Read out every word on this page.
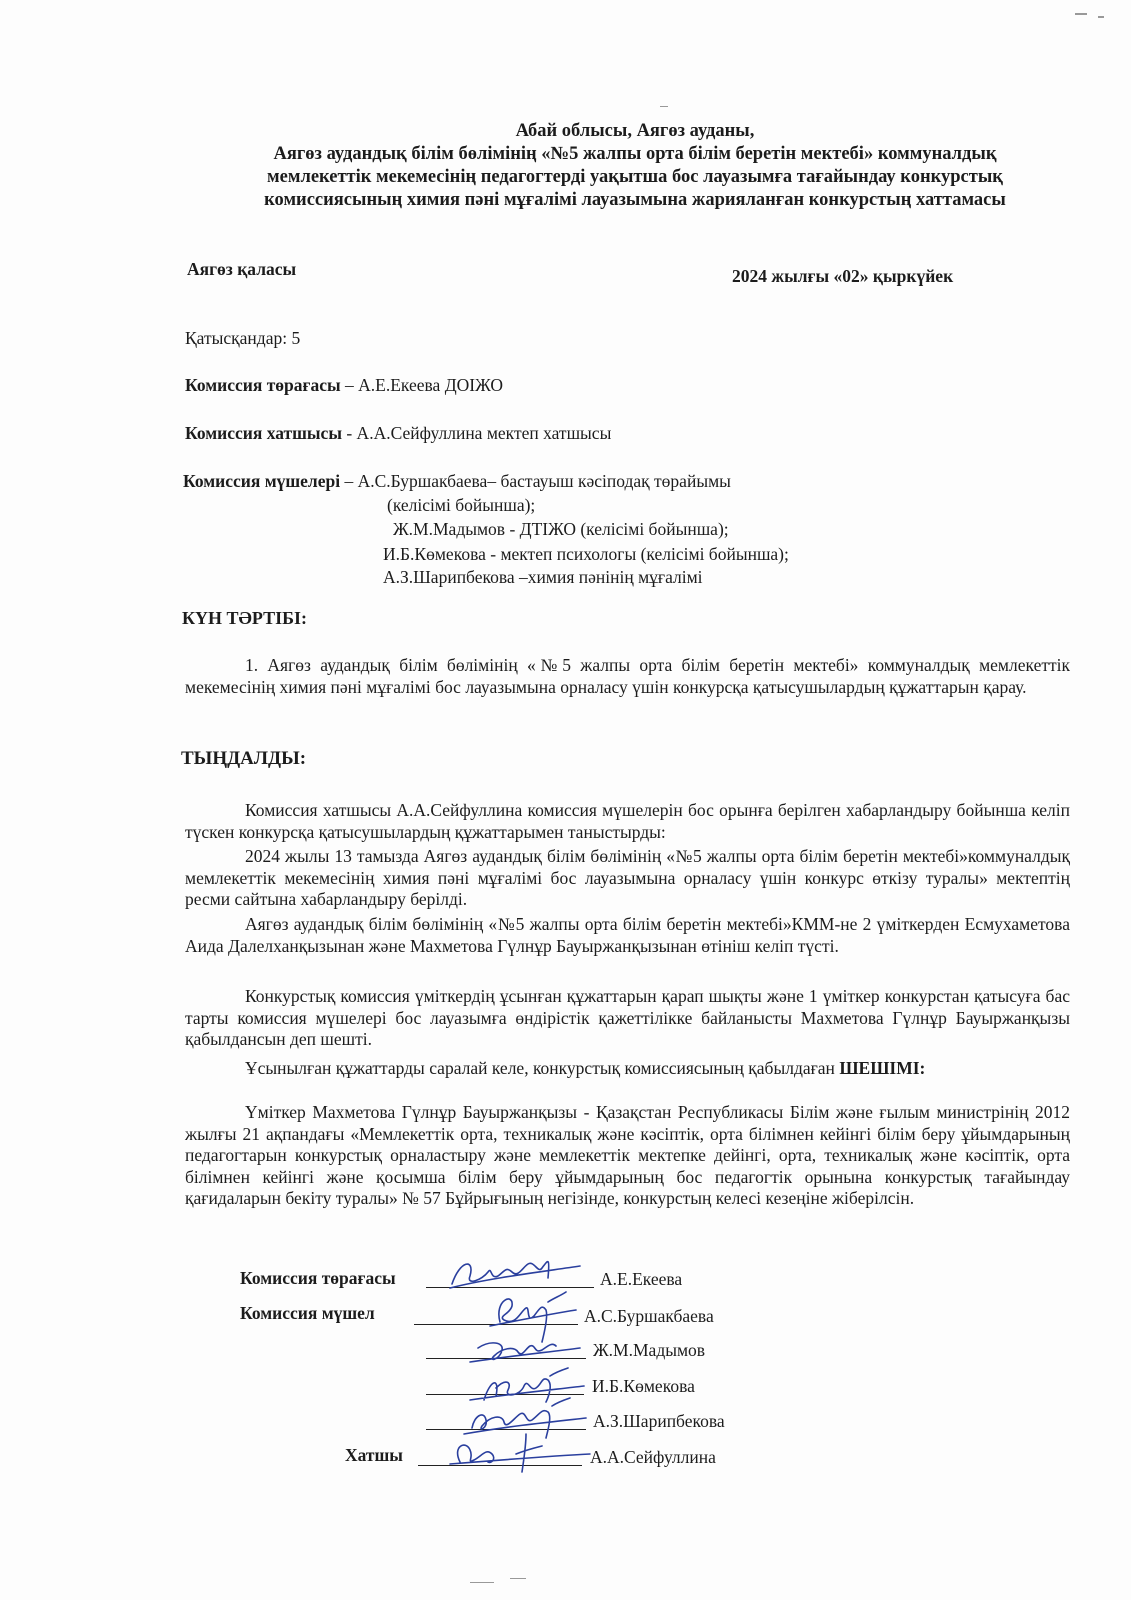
Абай облысы, Аягөз ауданы,
Аягөз аудандық білім бөлімінің «№5 жалпы орта білім беретін мектебі» коммуналдық
мемлекеттік мекемесінің педагогтерді уақытша бос лауазымға тағайындау конкурстық
комиссиясының химия пәні мұғалімі лауазымына жарияланған конкурстың хаттамасы
Аягөз қаласы	2024 жылғы «02» қыркүйек
Қатысқандар: 5
Комиссия төрағасы – А.Е.Екеева ДОІЖО
Комиссия хатшысы - А.А.Сейфуллина мектеп хатшысы
Комиссия мүшелері – А.С.Буршакбаева– бастауыш кәсіподақ төрайымы
(келісімі бойынша);
Ж.М.Мадымов - ДТІЖО (келісімі бойынша);
И.Б.Көмекова - мектеп психологы (келісімі бойынша);
А.З.Шарипбекова –химия пәнінің мұғалімі
КҮН ТӘРТІБІ:
1. Аягөз аудандық білім бөлімінің «№5 жалпы орта білім беретін мектебі» коммуналдық мемлекеттік мекемесінің химия пәні мұғалімі бос лауазымына орналасу үшін конкурсқа қатысушылардың құжаттарын қарау.
ТЫҢДАЛДЫ:
Комиссия хатшысы А.А.Сейфуллина комиссия мүшелерін бос орынға берілген хабарландыру бойынша келіп түскен конкурсқа қатысушылардың құжаттарымен таныстырды:
2024 жылы 13 тамызда Аягөз аудандық білім бөлімінің «№5 жалпы орта білім беретін мектебі»коммуналдық мемлекеттік мекемесінің химия пәні мұғалімі бос лауазымына орналасу үшін конкурс өткізу туралы» мектептің ресми сайтына хабарландыру берілді.
Аягөз аудандық білім бөлімінің «№5 жалпы орта білім беретін мектебі»КММ-не 2 үміткерден Есмухаметова Аида Далелханқызынан және Махметова Гүлнұр Бауыржанқызынан өтініш келіп түсті.
Конкурстық комиссия үміткердің ұсынған құжаттарын қарап шықты және 1 үміткер конкурстан қатысуға бас тарты комиссия мүшелері бос лауазымға өндірістік қажеттілікке байланысты Махметова Гүлнұр Бауыржанқызы қабылдансын деп шешті.
Ұсынылған құжаттарды саралай келе, конкурстық комиссиясының қабылдаған ШЕШІМІ:
Үміткер Махметова Гүлнұр Бауыржанқызы - Қазақстан Республикасы Білім және ғылым министрінің 2012 жылғы 21 ақпандағы «Мемлекеттік орта, техникалық және кәсіптік, орта білімнен кейінгі білім беру ұйымдарының педагогтарын конкурстық орналастыру және мемлекеттік мектепке дейінгі, орта, техникалық және кәсіптік, орта білімнен кейінгі және қосымша білім беру ұйымдарының бос педагогтік орынына конкурстық тағайындау қағидаларын бекіту туралы» № 57 Бұйрығының негізінде, конкурстың келесі кезеңіне жіберілсін.
Комиссия төрағасы	А.Е.Екеева
Комиссия мүшел	А.С.Буршакбаева
Ж.М.Мадымов
И.Б.Көмекова
А.З.Шарипбекова
Хатшы	А.А.Сейфуллина
